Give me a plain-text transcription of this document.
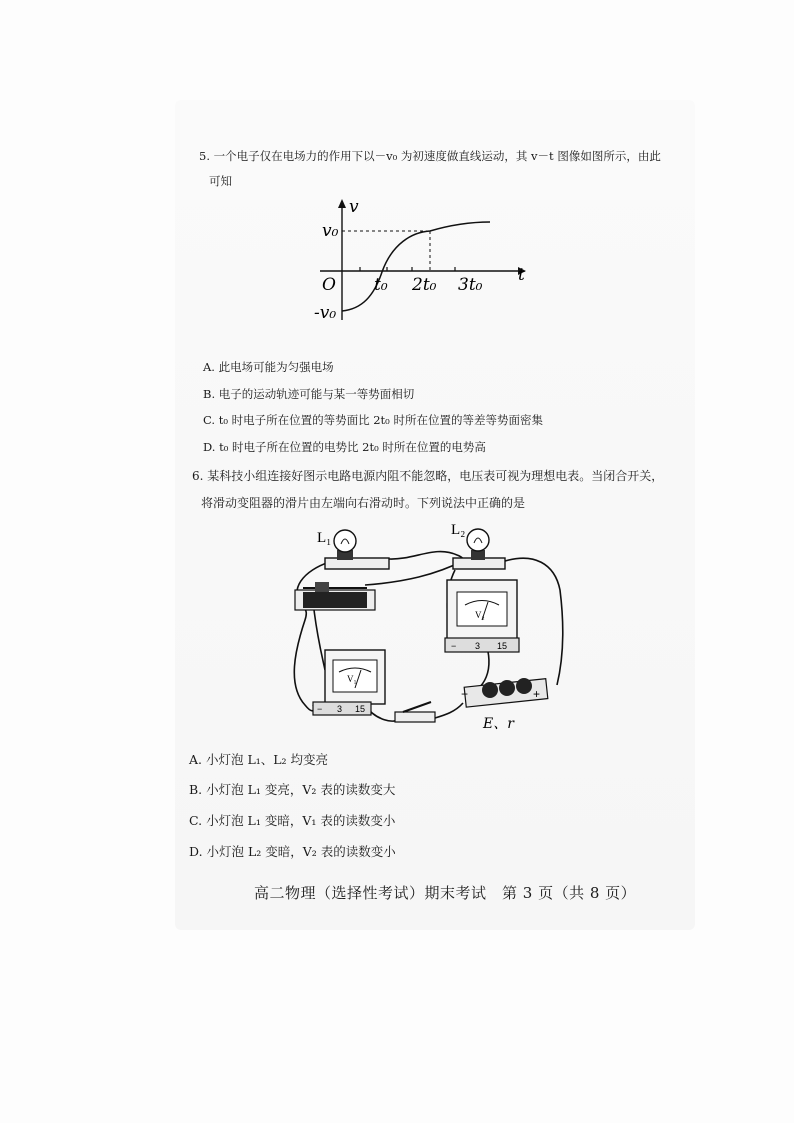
5. 一个电子仅在电场力的作用下以－v₀ 为初速度做直线运动，其 v－t 图像如图所示，由此
可知
v₀
v
O t₀ 2t₀ 3t₀ t
-v₀
A. 此电场可能为匀强电场
B. 电子的运动轨迹可能与某一等势面相切
C. t₀ 时电子所在位置的等势面比 2t₀ 时所在位置的等差等势面密集
D. t₀ 时电子所在位置的电势比 2t₀ 时所在位置的电势高
6. 某科技小组连接好图示电路电源内阻不能忽略，电压表可视为理想电表。当闭合开关，
将滑动变阻器的滑片由左端向右滑动时。下列说法中正确的是
L₁	L₂
V₂
− 3 15
V₁
− 3 15
−	+
E、r
A. 小灯泡 L₁、L₂ 均变亮
B. 小灯泡 L₁ 变亮，V₂ 表的读数变大
C. 小灯泡 L₁ 变暗，V₁ 表的读数变小
D. 小灯泡 L₂ 变暗，V₂ 表的读数变小
高二物理（选择性考试）期末考试　第 3 页（共 8 页）
